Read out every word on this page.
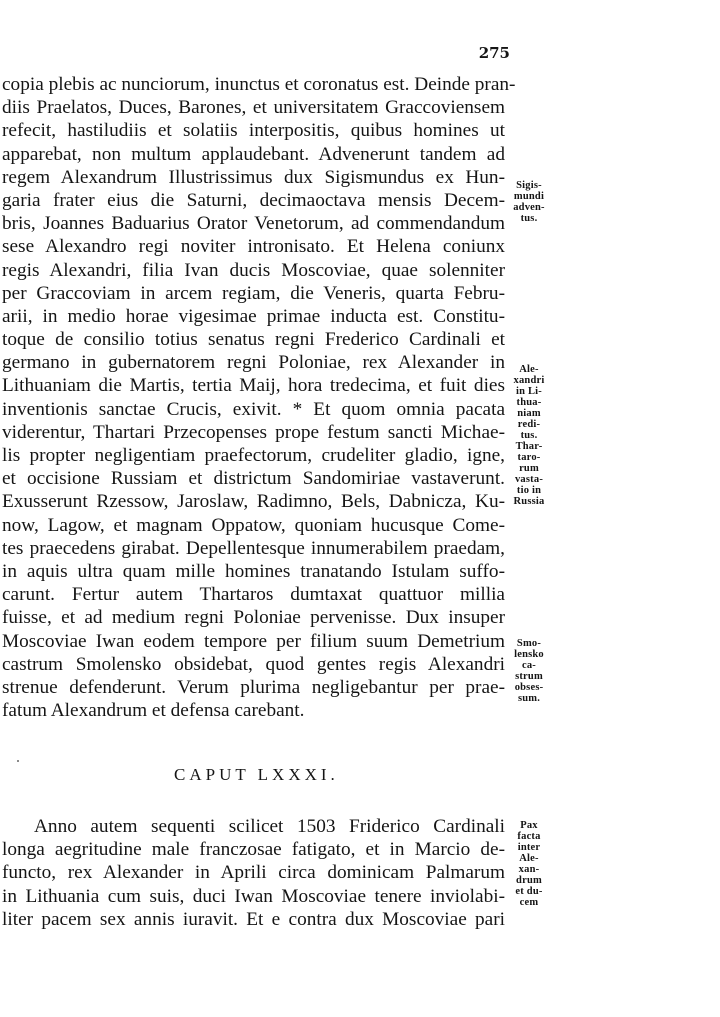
275
copia plebis ac nunciorum, inunctus et coronatus est. Deinde pran-
diis Praelatos, Duces, Barones, et universitatem Graccoviensem
refecit, hastiludiis et solatiis interpositis, quibus homines ut
apparebat, non multum applaudebant. Advenerunt tandem ad
regem Alexandrum Illustrissimus dux Sigismundus ex Hun-
garia frater eius die Saturni, decimaoctava mensis Decem-
bris, Joannes Baduarius Orator Venetorum, ad commendandum
sese Alexandro regi noviter intronisato. Et Helena coniunx
regis Alexandri, filia Ivan ducis Moscoviae, quae solenniter
per Graccoviam in arcem regiam, die Veneris, quarta Febru-
arii, in medio horae vigesimae primae inducta est. Constitu-
toque de consilio totius senatus regni Frederico Cardinali et
germano in gubernatorem regni Poloniae, rex Alexander in
Lithuaniam die Martis, tertia Maij, hora tredecima, et fuit dies
inventionis sanctae Crucis, exivit. * Et quom omnia pacata
viderentur, Thartari Przecopenses prope festum sancti Michae-
lis propter negligentiam praefectorum, crudeliter gladio, igne,
et occisione Russiam et districtum Sandomiriae vastaverunt.
Exusserunt Rzessow, Jaroslaw, Radimno, Bels, Dabnicza, Ku-
now, Lagow, et magnam Oppatow, quoniam hucusque Come-
tes praecedens girabat. Depellentesque innumerabilem praedam,
in aquis ultra quam mille homines tranatando Istulam suffo-
carunt. Fertur autem Thartaros dumtaxat quattuor millia
fuisse, et ad medium regni Poloniae pervenisse. Dux insuper
Moscoviae Iwan eodem tempore per filium suum Demetrium
castrum Smolensko obsidebat, quod gentes regis Alexandri
strenue defenderunt. Verum plurima negligebantur per prae-
fatum Alexandrum et defensa carebant.
Sigis-
mundi
adven-
tus.
Ale-
xandri
in Li-
thua-
niam
redi-
tus.
Thar-
taro-
rum
vasta-
tio in
Russia
Smo-
lensko
ca-
strum
obses-
sum.
CAPUT LXXXI.
Anno autem sequenti scilicet 1503 Friderico Cardinali
longa aegritudine male franczosae fatigato, et in Marcio de-
functo, rex Alexander in Aprili circa dominicam Palmarum
in Lithuania cum suis, duci Iwan Moscoviae tenere inviolabi-
liter pacem sex annis iuravit. Et e contra dux Moscoviae pari
Pax
facta
inter
Ale-
xan-
drum
et du-
cem
